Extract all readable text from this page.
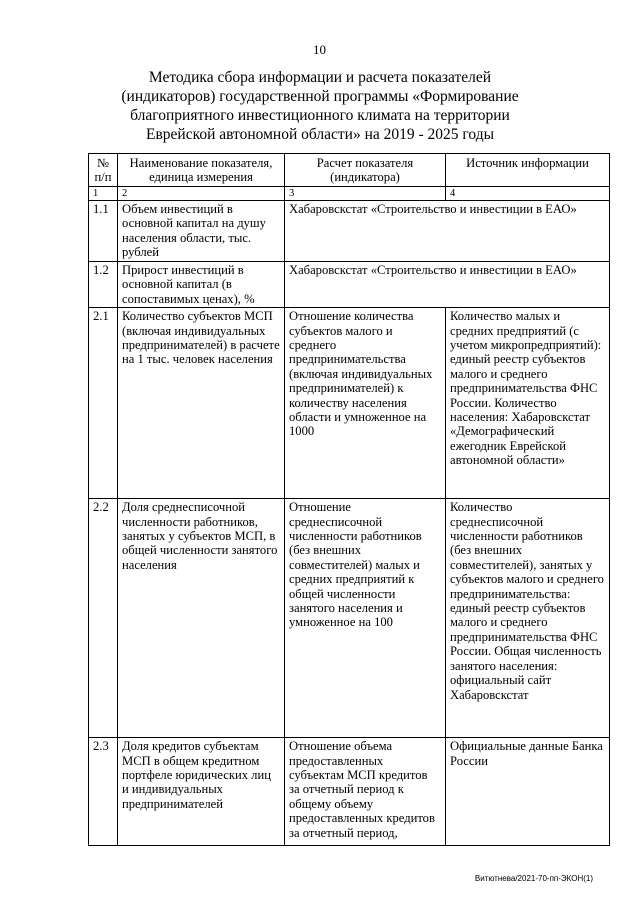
10
Методика сбора информации и расчета показателей (индикаторов) государственной программы «Формирование благоприятного инвестиционного климата на территории Еврейской автономной области» на 2019 - 2025 годы
№ п/п	Наименование показателя, единица измерения	Расчет показателя (индикатора)	Источник информации
1	2	3	4
1.1	Объем инвестиций в основной капитал на душу населения области, тыс. рублей	Хабаровскстат «Строительство и инвестиции в ЕАО»	
1.2	Прирост инвестиций в основной капитал (в сопоставимых ценах), %	Хабаровскстат «Строительство и инвестиции в ЕАО»	
2.1	Количество субъектов МСП (включая индивидуальных предпринимателей) в расчете на 1 тыс. человек населения	Отношение количества субъектов малого и среднего предпринимательства (включая индивидуальных предпринимателей) к количеству населения области и умноженное на 1000	Количество малых и средних предприятий (с учетом микропредприятий): единый реестр субъектов малого и среднего предпринимательства ФНС России. Количество населения: Хабаровскстат «Демографический ежегодник Еврейской автономной области»
2.2	Доля среднесписочной численности работников, занятых у субъектов МСП, в общей численности занятого населения	Отношение среднесписочной численности работников (без внешних совместителей) малых и средних предприятий к общей численности занятого населения и умноженное на 100	Количество среднесписочной численности работников (без внешних совместителей), занятых у субъектов малого и среднего предпринимательства: единый реестр субъектов малого и среднего предпринимательства ФНС России. Общая численность занятого населения: официальный сайт Хабаровскстат
2.3	Доля кредитов субъектам МСП в общем кредитном портфеле юридических лиц и индивидуальных предпринимателей	Отношение объема предоставленных субъектам МСП кредитов за отчетный период к общему объему предоставленных кредитов за отчетный период,	Официальные данные Банка России
Витютнева/2021-70-пп-ЭКОН(1)
